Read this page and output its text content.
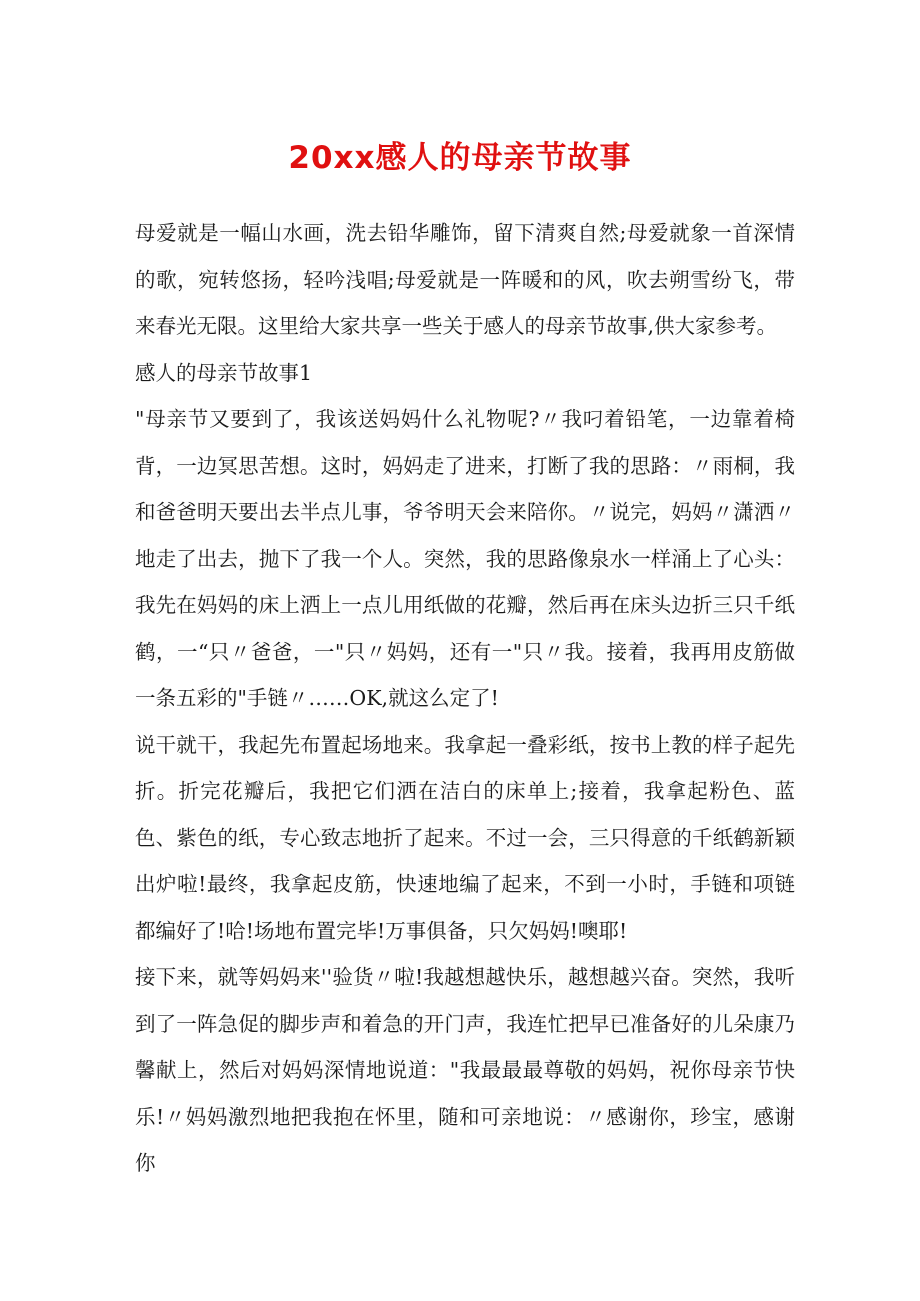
20xx感人的母亲节故事

母爱就是一幅山水画，洗去铅华雕饰，留下清爽自然;母爱就象一首深情的歌，宛转悠扬，轻吟浅唱;母爱就是一阵暖和的风，吹去朔雪纷飞，带来春光无限。这里给大家共享一些关于感人的母亲节故事,供大家参考。

感人的母亲节故事1

"母亲节又要到了，我该送妈妈什么礼物呢?〃我叼着铅笔，一边靠着椅背，一边冥思苦想。这时，妈妈走了进来，打断了我的思路：〃雨桐，我和爸爸明天要出去半点儿事，爷爷明天会来陪你。〃说完，妈妈〃潇洒〃地走了出去，抛下了我一个人。突然，我的思路像泉水一样涌上了心头：我先在妈妈的床上洒上一点儿用纸做的花瓣，然后再在床头边折三只千纸鹤，一“只〃爸爸，一"只〃妈妈，还有一"只〃我。接着，我再用皮筋做一条五彩的"手链〃……OK,就这么定了!

说干就干，我起先布置起场地来。我拿起一叠彩纸，按书上教的样子起先折。折完花瓣后，我把它们洒在洁白的床单上;接着，我拿起粉色、蓝色、紫色的纸，专心致志地折了起来。不过一会，三只得意的千纸鹤新颖出炉啦!最终，我拿起皮筋，快速地编了起来，不到一小时，手链和项链都编好了!哈!场地布置完毕!万事俱备，只欠妈妈!噢耶!

接下来，就等妈妈来''验货〃啦!我越想越快乐，越想越兴奋。突然，我听到了一阵急促的脚步声和着急的开门声，我连忙把早已准备好的儿朵康乃馨献上，然后对妈妈深情地说道："我最最最尊敬的妈妈，祝你母亲节快乐!〃妈妈激烈地把我抱在怀里，随和可亲地说：〃感谢你，珍宝，感谢你
